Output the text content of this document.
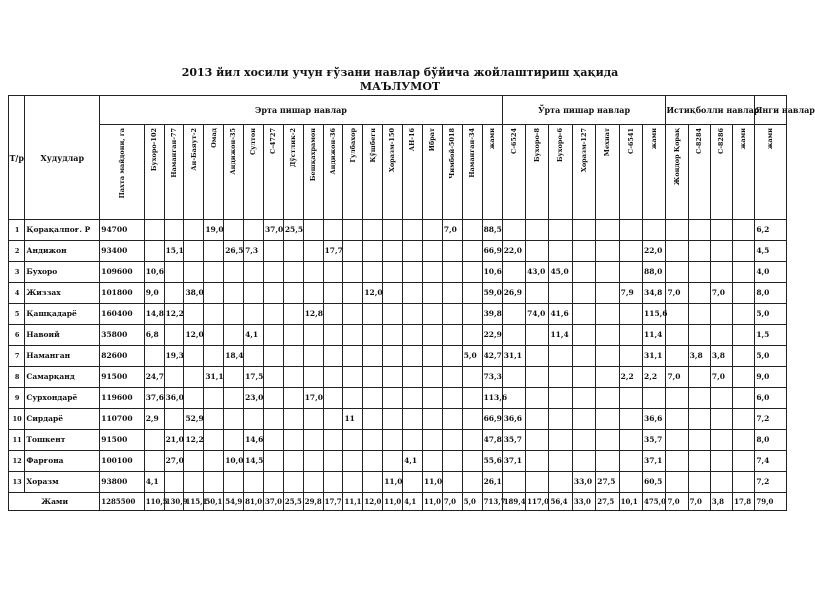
2013 йил хосили учун ғўзани навлар бўйича жойлаштириш ҳақида
МАЪЛУМОТ
Т/р	Худудлар	Эрта пишар навлар																			Ўрта пишар навлар							Истиқболли навлар				Янги навлар
		Пахта майдони, га	Бухоро-102	Наманган-77	Ан-Баяут-2	Омад	Андижон-35	Султон	С-4727	Дўстлик-2	Бешқахрамон	Андижон-36	Гулбахор	Қўшбегн	Хоразм-150	АН-16	Ибрат	Чимбой-5018	Наманган-34	жами	С-6524	Бухоро-8	Бухоро-6	Хоразм-127	Мехнат	С-6541	жами	Жондор Қорақ	С-8284	С-8286	жами	жами
1	Қорақалпоғ. Р	94700				19,0			37,0	25,5								7,0		88,5												6,2
2	Андижон	93400		15,1			26,5	7,3				17,7								66,9	22,0						22,0					4,5
3	Бухоро	109600	10,6																	10,6		43,0	45,0				88,0					4,0
4	Жиззах	101800	9,0		38,0									12,0						59,0	26,9					7,9	34,8	7,0		7,0		8,0
5	Қашқадарё	160400	14,8	12,2							12,8									39,8		74,0	41,6				115,6					5,0
6	Навоий	35800	6,8		12,0			4,1												22,9			11,4				11,4					1,5
7	Наманган	82600		19,3			18,4												5,0	42,7	31,1						31,1		3,8	3,8		5,0
8	Самарқанд	91500	24,7			31,1		17,5												73,3						2,2	2,2	7,0		7,0		9,0
9	Сурхондарё	119600	37,6	36,0				23,0			17,0									113,6												6,0
10	Сирдарё	110700	2,9		52,9								11							66,9	36,6						36,6					7,2
11	Тошкент	91500		21,0	12,2			14,6												47,8	35,7						35,7					8,0
12	Фарғона	100100		27,0			10,0	14,5								4,1				55,6	37,1						37,1					7,4
13	Хоразм	93800	4,1												11,0		11,0			26,1				33,0	27,5		60,5					7,2
Жами		1285500	110,5	130,9	115,1	50,1	54,9	81,0	37,0	25,5	29,8	17,7	11,1	12,0	11,0	4,1	11,0	7,0	5,0	713,7	189,4	117,0	56,4	33,0	27,5	10,1	475,0	7,0	7,0	3,8	17,8	79,0
